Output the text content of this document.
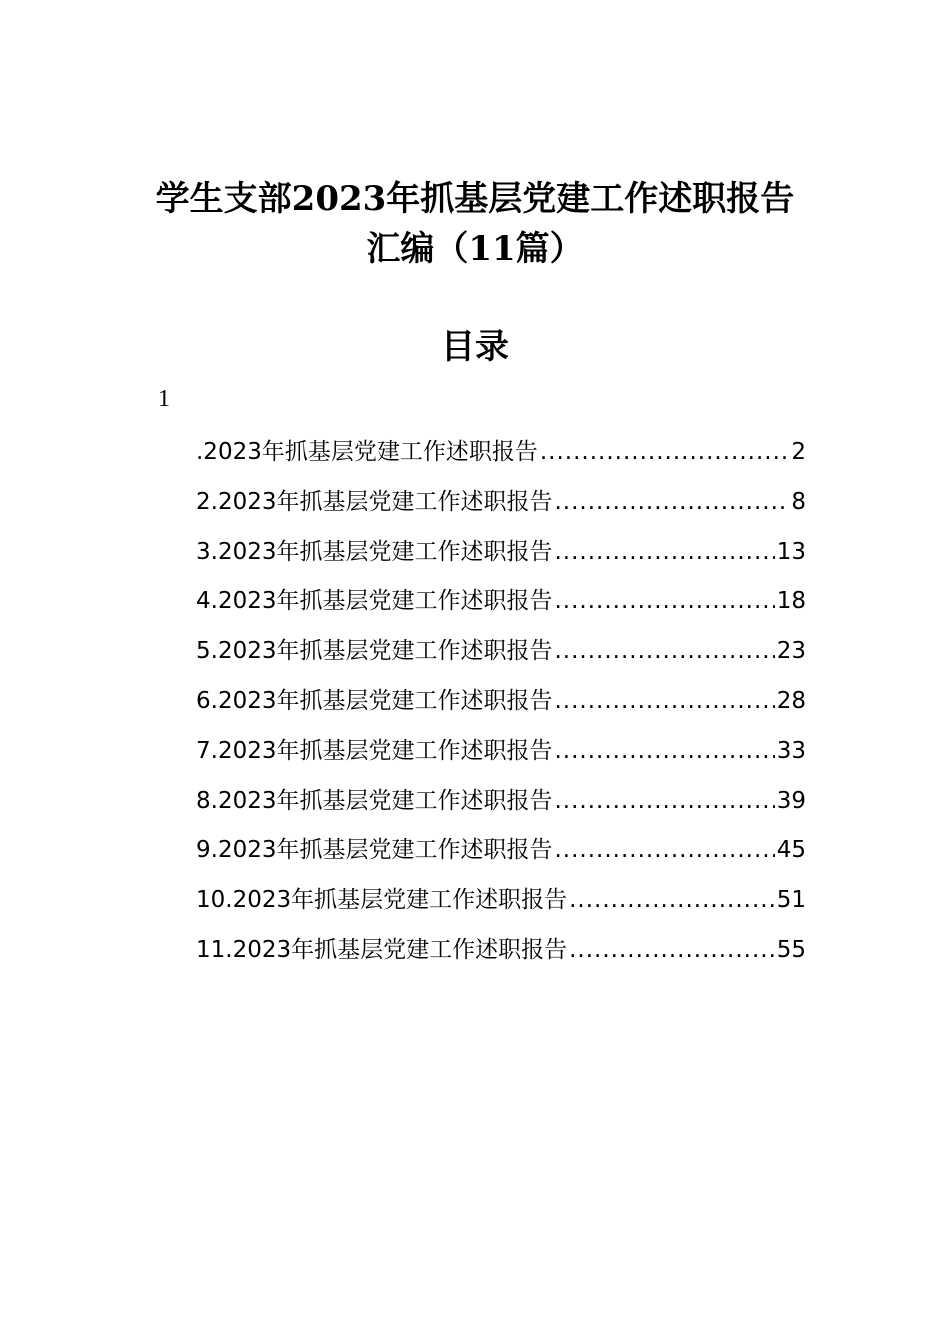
学生支部2023年抓基层党建工作述职报告
汇编（11篇）
目录
1
.2023年抓基层党建工作述职报告 .....	2
2.2023年抓基层党建工作述职报告 .....	8
3.2023年抓基层党建工作述职报告 .....	13
4.2023年抓基层党建工作述职报告 .....	18
5.2023年抓基层党建工作述职报告 .....	23
6.2023年抓基层党建工作述职报告 .....	28
7.2023年抓基层党建工作述职报告 .....	33
8.2023年抓基层党建工作述职报告 .....	39
9.2023年抓基层党建工作述职报告 .....	45
10.2023年抓基层党建工作述职报告 .....	51
11.2023年抓基层党建工作述职报告 .....	55
